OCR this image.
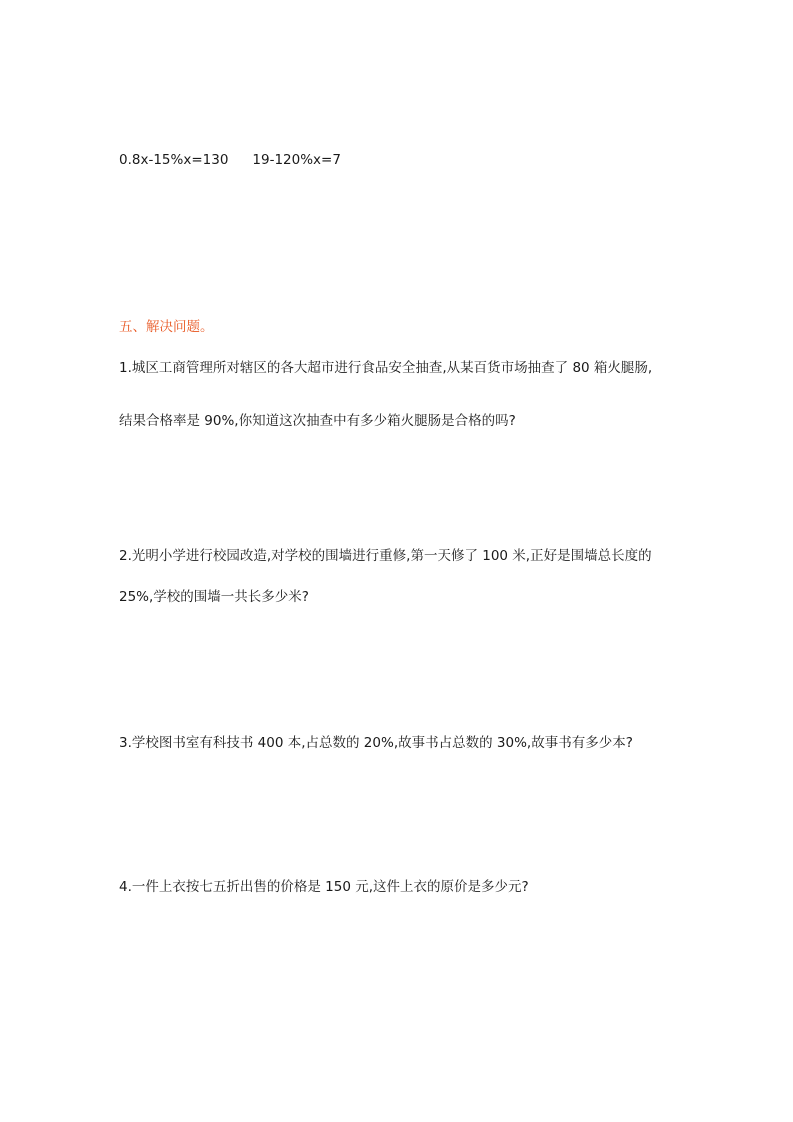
0.8x-15%x=130 19-120%x=7
五、解决问题。
1.城区工商管理所对辖区的各大超市进行食品安全抽查,从某百货市场抽查了 80 箱火腿肠,
结果合格率是 90%,你知道这次抽查中有多少箱火腿肠是合格的吗?
2.光明小学进行校园改造,对学校的围墙进行重修,第一天修了 100 米,正好是围墙总长度的
25%,学校的围墙一共长多少米?
3.学校图书室有科技书 400 本,占总数的 20%,故事书占总数的 30%,故事书有多少本?
4.一件上衣按七五折出售的价格是 150 元,这件上衣的原价是多少元?
